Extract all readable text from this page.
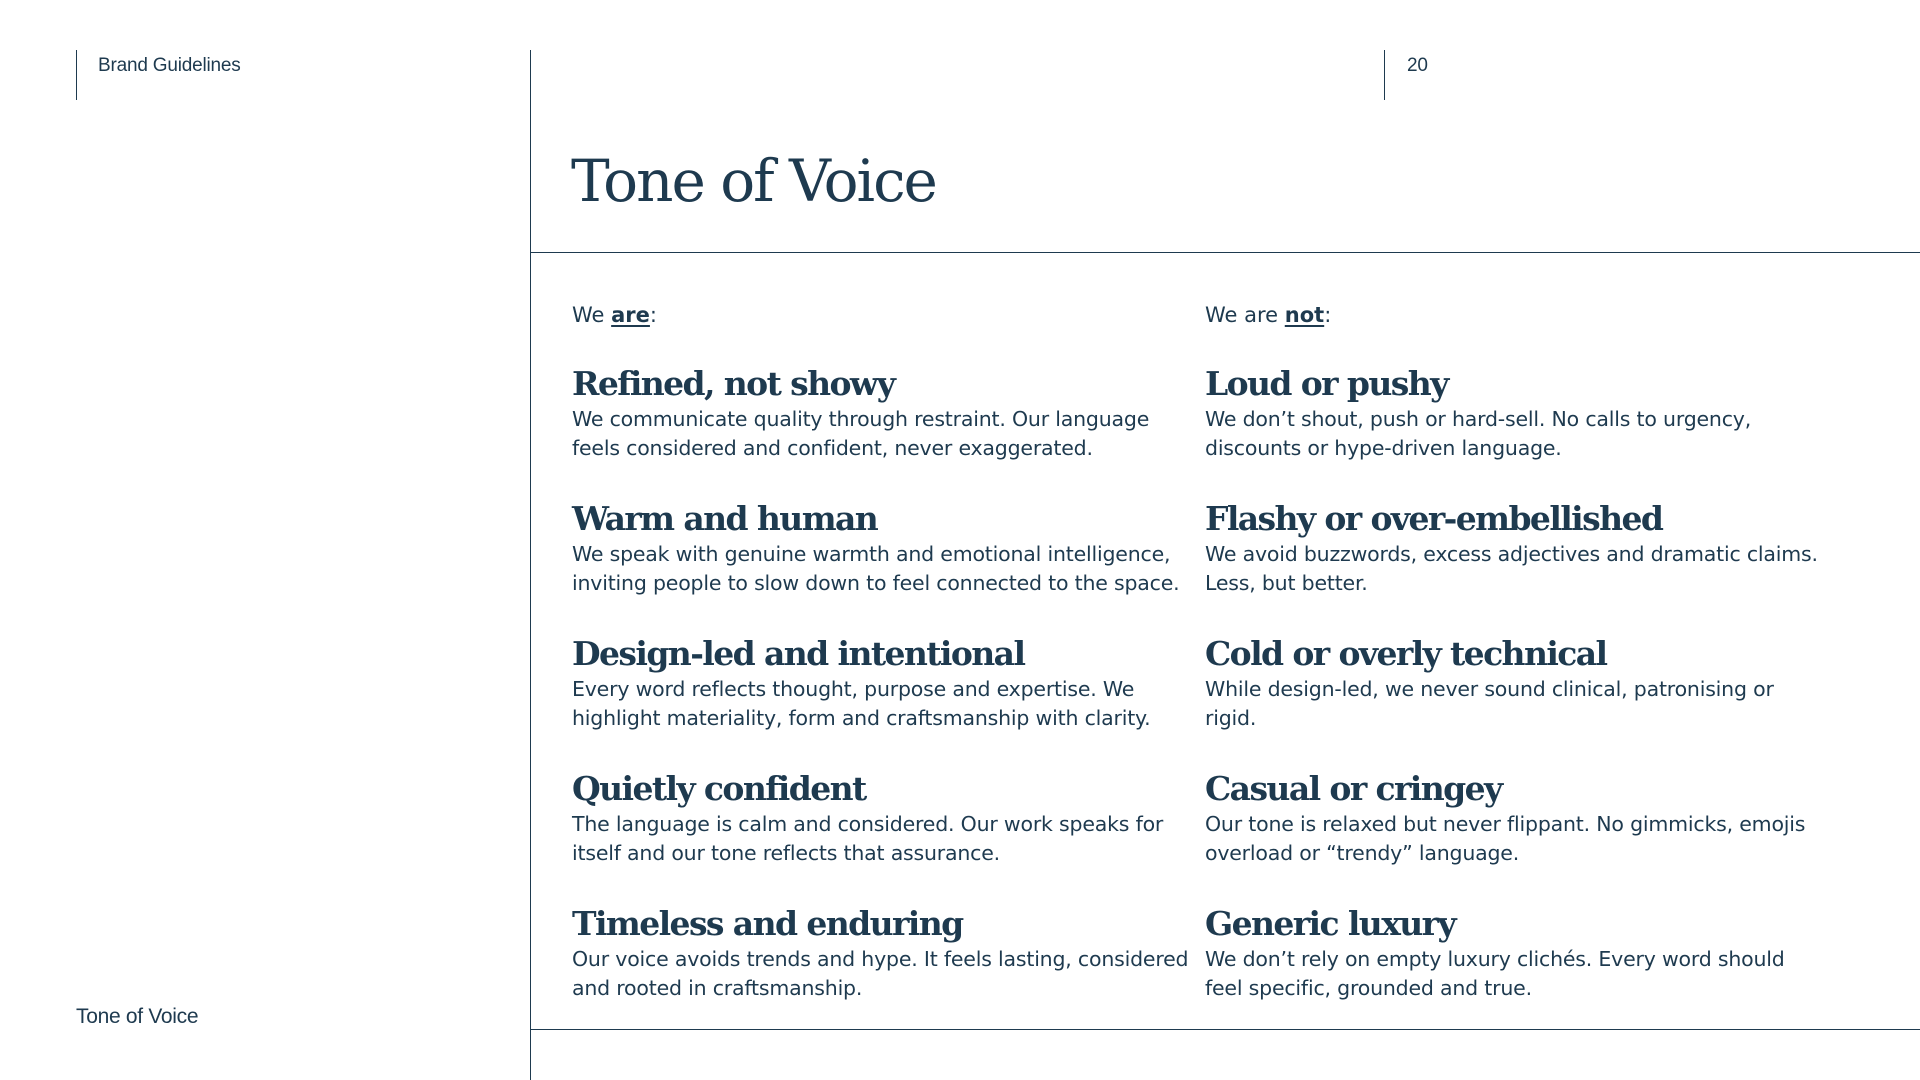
Brand Guidelines	20
Tone of Voice
We are:
Refined, not showy

We communicate quality through restraint. Our language feels considered and confident, never exaggerated.

Warm and human

We speak with genuine warmth and emotional intelligence, inviting people to slow down to feel connected to the space.

Design-led and intentional

Every word reflects thought, purpose and expertise. We highlight materiality, form and craftsmanship with clarity.

Quietly confident

The language is calm and considered. Our work speaks for itself and our tone reflects that assurance.

Timeless and enduring

Our voice avoids trends and hype. It feels lasting, considered and rooted in craftsmanship.

We are not:
Loud or pushy

We don’t shout, push or hard-sell. No calls to urgency, discounts or hype-driven language.

Flashy or over-embellished

We avoid buzzwords, excess adjectives and dramatic claims. Less, but better.

Cold or overly technical

While design-led, we never sound clinical, patronising or rigid.

Casual or cringey

Our tone is relaxed but never flippant. No gimmicks, emojis overload or “trendy” language.

Generic luxury

We don’t rely on empty luxury clichés. Every word should feel specific, grounded and true.

Tone of Voice
